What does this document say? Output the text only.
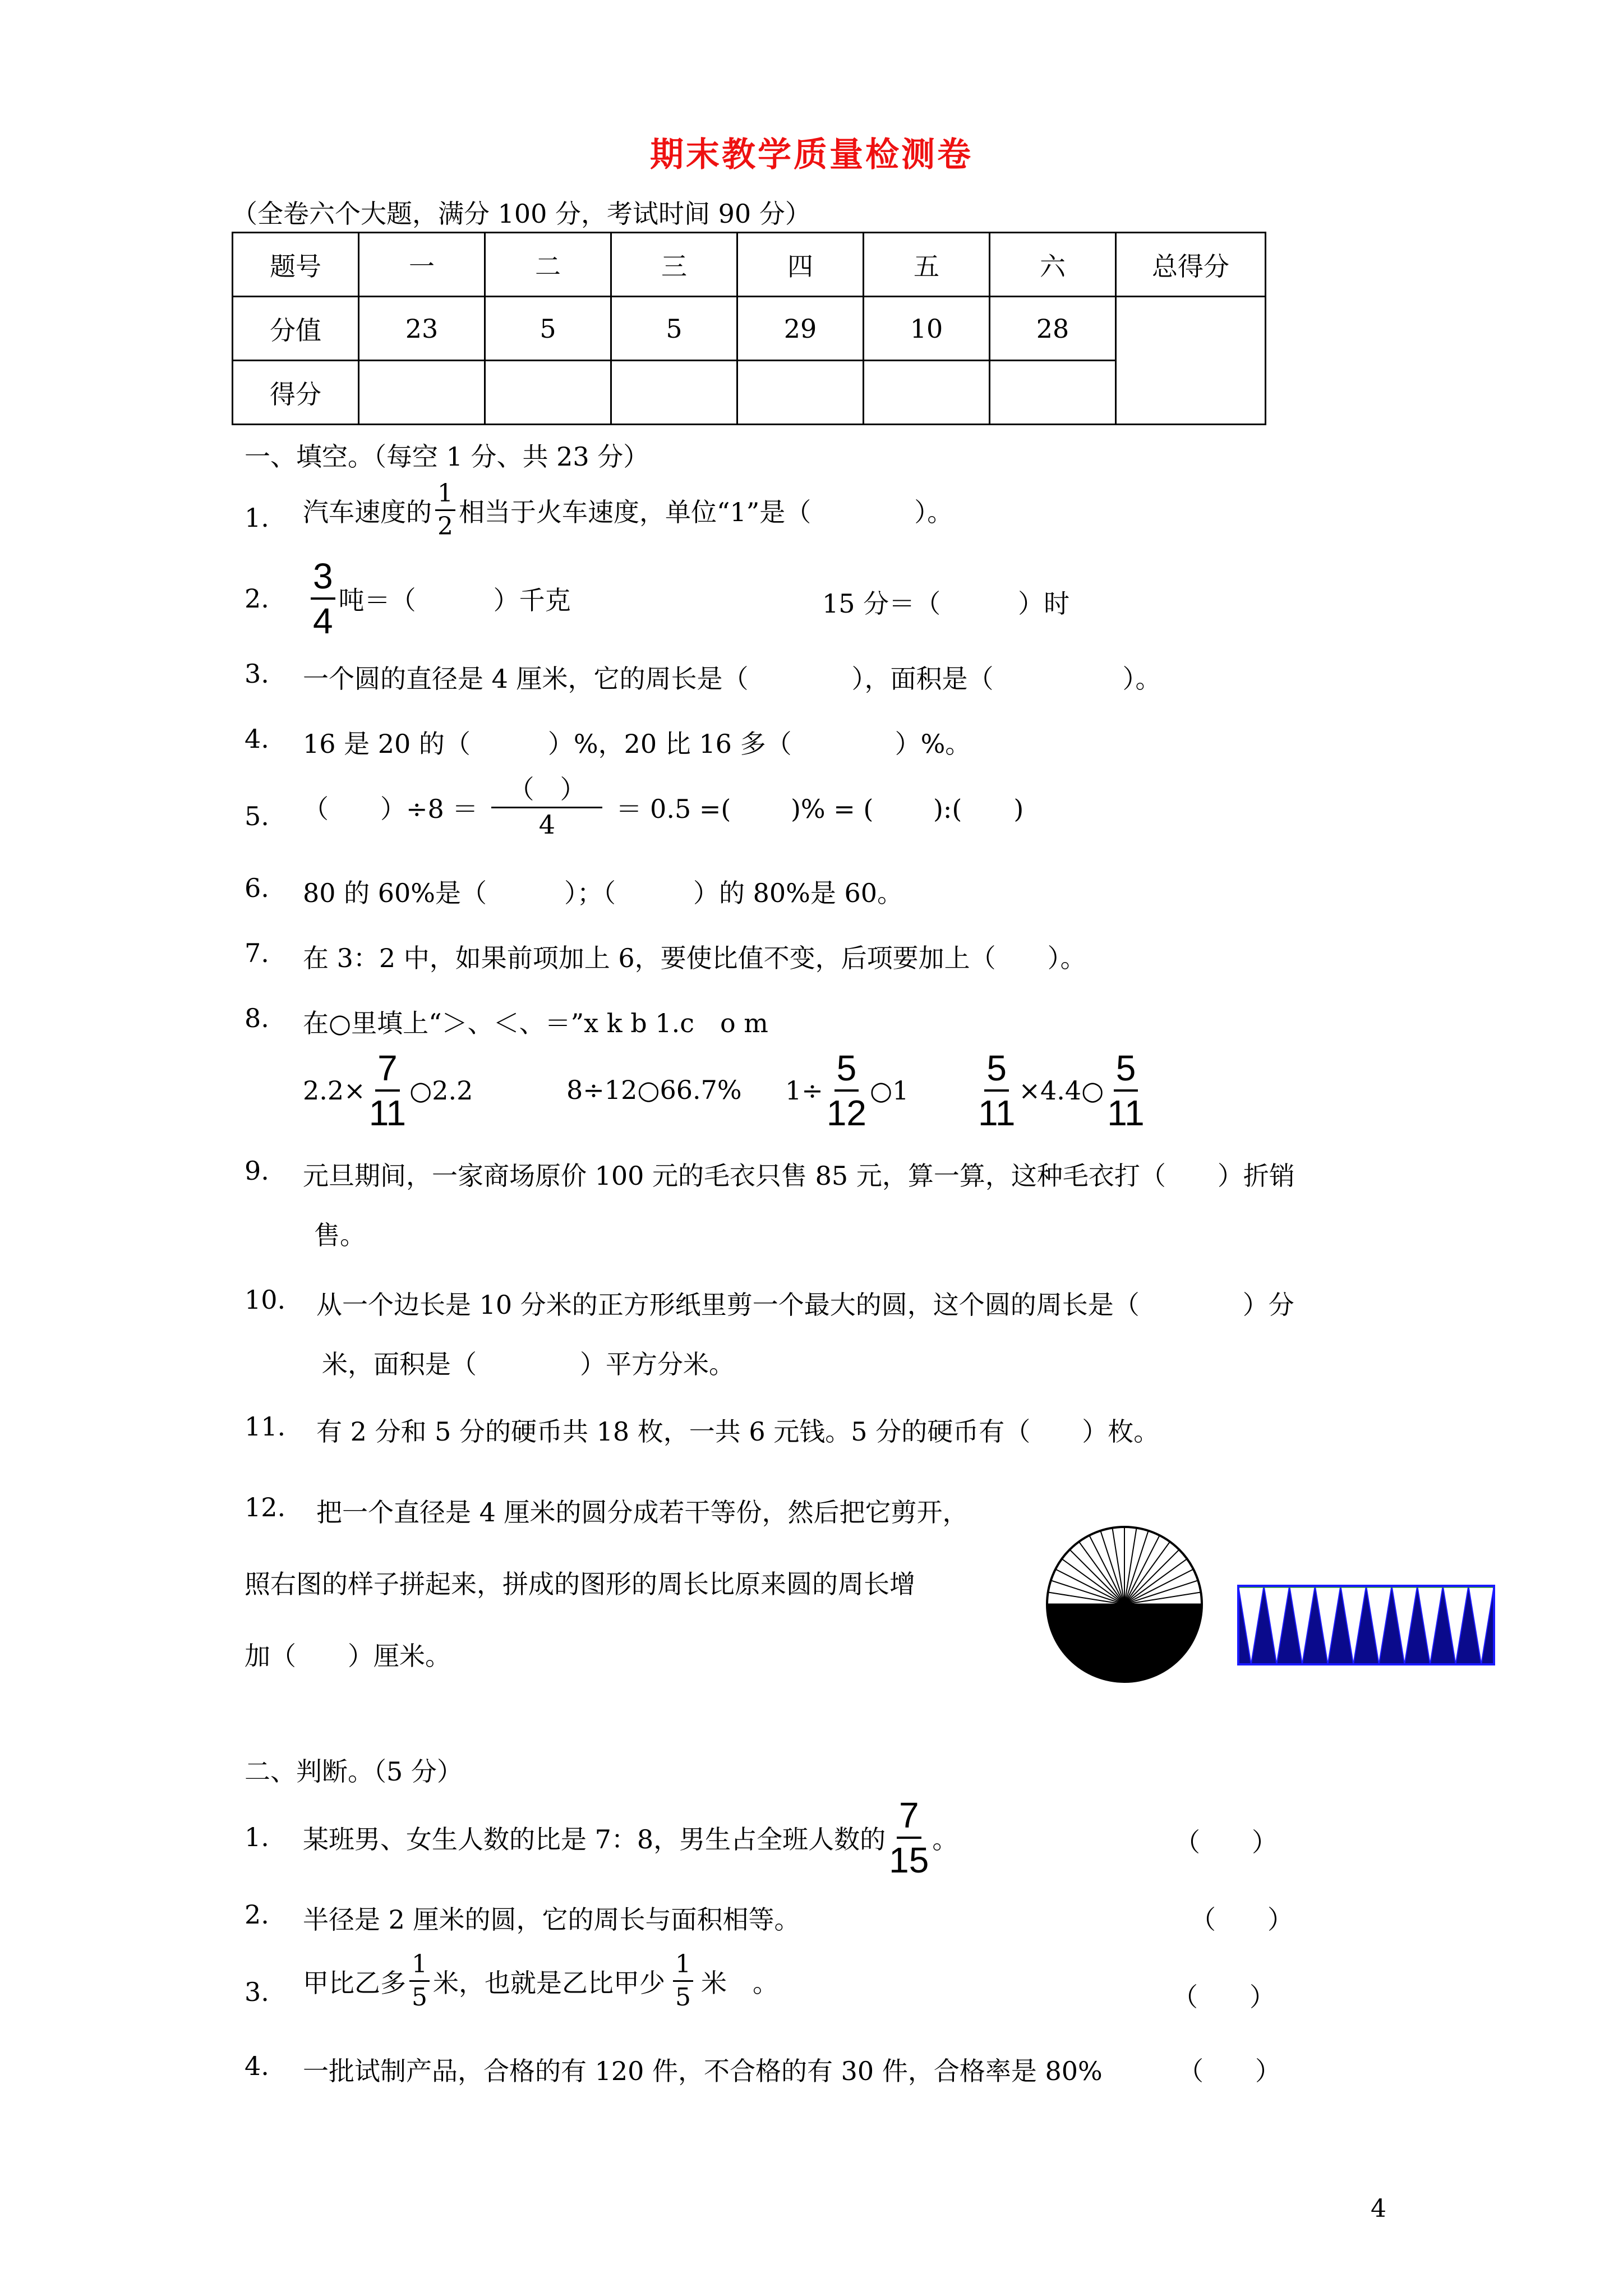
期末教学质量检测卷
（全卷六个大题，满分 100 分，考试时间 90 分）
题号	一	二	三	四	五	六	总得分
分值	23	5	5	29	10	28	
得分							
一、填空。（每空 1 分、共 23 分）
1. 汽车速度的 $\frac{1}{2}$ 相当于火车速度，单位“1”是（　　　　）。
2. $\frac{3}{4}$ 吨＝（　　　）千克	15 分＝（　　　）时
3. 一个圆的直径是 4 厘米，它的周长是（　　　　），面积是（　　　　　）。
4. 16 是 20 的（　　　）%，20 比 16 多（　　　　）%。
5. （　　）÷8 ＝
（　）
4
＝ 0.5 =(　　 )% = (　　 ):(　　)
6. 80 的 60%是（　　　）；（　　　）的 80%是 60。
7. 在 3：2 中，如果前项加上 6，要使比值不变，后项要加上（　　）。
8. 在○里填上“＞、＜、＝”x k b 1.c　o m
$2.2\times \frac{7}{11}$ ○2.2	8÷12○66.7% $1\div \frac{5}{12}$ ○1 $\frac{5}{11}$ ×4.4○ $\frac{5}{11}$
9. 元旦期间，一家商场原价 100 元的毛衣只售 85 元，算一算，这种毛衣打（　　）折销
售。
10. 从一个边长是 10 分米的正方形纸里剪一个最大的圆，这个圆的周长是（　　　　）分
米，面积是（　　　　）平方分米。
11. 有 2 分和 5 分的硬币共 18 枚，一共 6 元钱。5 分的硬币有（　　）枚。
12. 把一个直径是 4 厘米的圆分成若干等份，然后把它剪开，
照右图的样子拼起来，拼成的图形的周长比原来圆的周长增
加（　　）厘米。
二、判断。（5 分）
1. 某班男、女生人数的比是 7：8，男生占全班人数的 $\frac{7}{15}$ 。	（　　）
2. 半径是 2 厘米的圆，它的周长与面积相等。	（　　）
3. 甲比乙多 $\frac{1}{5}$ 米，也就是乙比甲少 $\frac{1}{5}$ 米　。	（　　）
4. 一批试制产品，合格的有 120 件，不合格的有 30 件，合格率是 80%	（　　）
4
